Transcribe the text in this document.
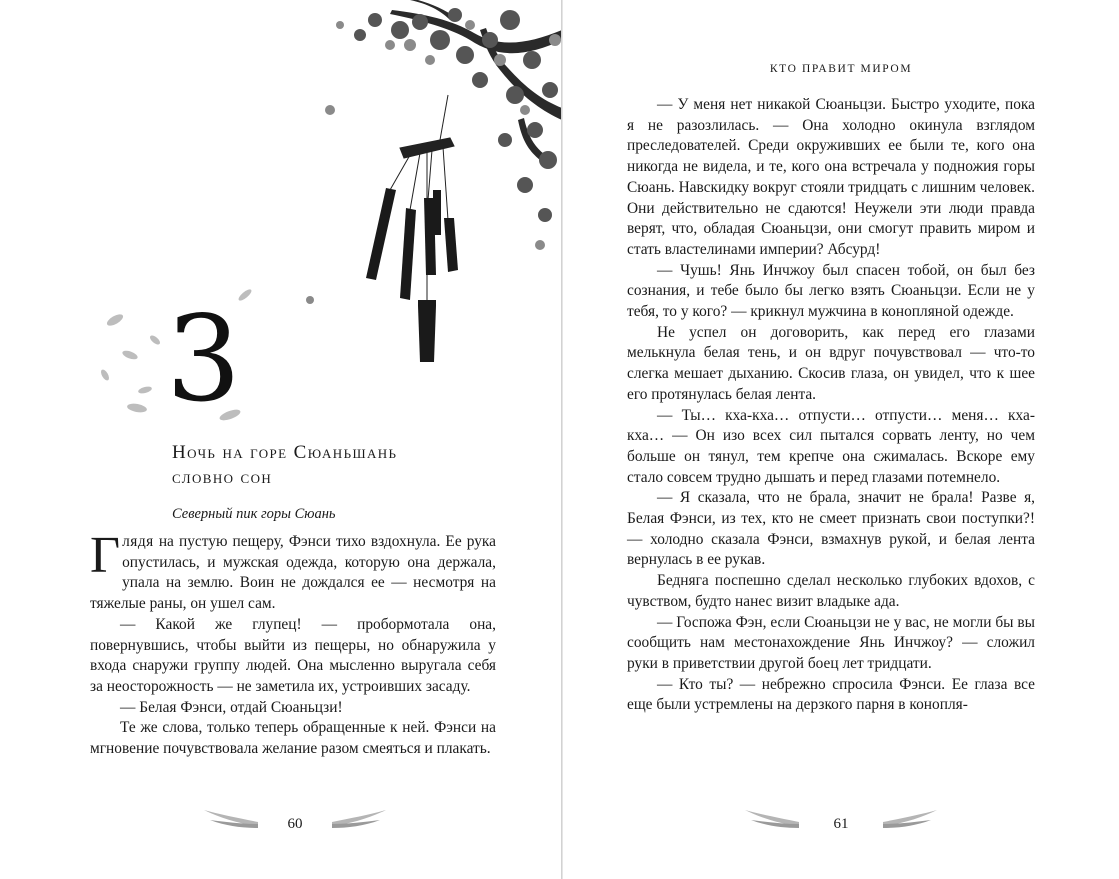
3
Ночь на горе Сюаньшань
словно сон
Северный пик горы Сюань

Глядя на пустую пещеру, Фэнси тихо вздохнула. Ее рука опустилась, и мужская одежда, которую она держала, упала на землю. Воин не дождался ее — несмотря на тяжелые раны, он ушел сам.

— Какой же глупец! — пробормотала она, повернувшись, чтобы выйти из пещеры, но обнаружила у входа снаружи группу людей. Она мысленно выругала себя за неосторожность — не заметила их, устроивших засаду.

— Белая Фэнси, отдай Сюаньцзи!

Те же слова, только теперь обращенные к ней. Фэнси на мгновение почувствовала желание разом смеяться и плакать.

60
КТО ПРАВИТ МИРОМ

— У меня нет никакой Сюаньцзи. Быстро уходите, пока я не разозлилась. — Она холодно окинула взглядом преследователей. Среди окруживших ее были те, кого она никогда не видела, и те, кого она встречала у подножия горы Сюань. Навскидку вокруг стояли тридцать с лишним человек. Они действительно не сдаются! Неужели эти люди правда верят, что, обладая Сюаньцзи, они смогут править миром и стать властелинами империи? Абсурд!

— Чушь! Янь Инчжоу был спасен тобой, он был без сознания, и тебе было бы легко взять Сюаньцзи. Если не у тебя, то у кого? — крикнул мужчина в конопляной одежде.

Не успел он договорить, как перед его глазами мелькнула белая тень, и он вдруг почувствовал — что-то слегка мешает дыханию. Скосив глаза, он увидел, что к шее его протянулась белая лента.

— Ты… кха-кха… отпусти… отпусти… меня… кха-кха… — Он изо всех сил пытался сорвать ленту, но чем больше он тянул, тем крепче она сжималась. Вскоре ему стало совсем трудно дышать и перед глазами потемнело.

— Я сказала, что не брала, значит не брала! Разве я, Белая Фэнси, из тех, кто не смеет признать свои поступки?! — холодно сказала Фэнси, взмахнув рукой, и белая лента вернулась в ее рукав.

Бедняга поспешно сделал несколько глубоких вдохов, с чувством, будто нанес визит владыке ада.

— Госпожа Фэн, если Сюаньцзи не у вас, не могли бы вы сообщить нам местонахождение Янь Инчжоу? — сложил руки в приветствии другой боец лет тридцати.

— Кто ты? — небрежно спросила Фэнси. Ее глаза все еще были устремлены на дерзкого парня в конопля-

61
